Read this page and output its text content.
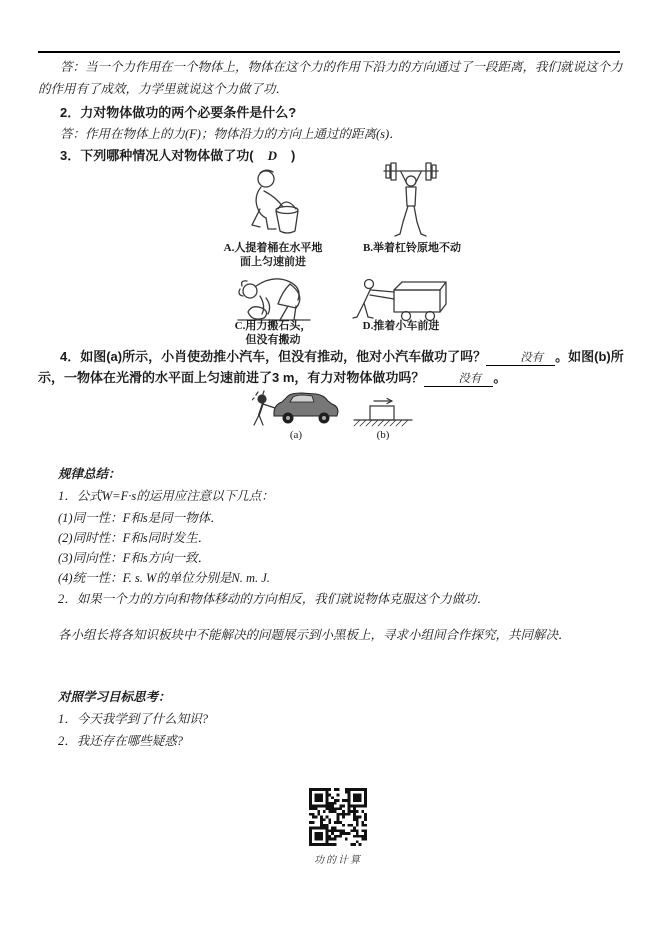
答：当一个力作用在一个物体上，物体在这个力的作用下沿力的方向通过了一段距离，我们就说这个力的作用有了成效，力学里就说这个力做了功．

2．力对物体做功的两个必要条件是什么?

答：作用在物体上的力(F)；物体沿力的方向上通过的距离(s)．

3．下列哪种情况人对物体做了功( D )

A.人提着桶在水平地
面上匀速前进
B.举着杠铃原地不动
C.用力搬石头，
但没有搬动
D.推着小车前进

4．如图(a)所示，小肖使劲推小汽车，但没有推动，他对小汽车做功了吗？	没有 。如图(b)所示，一物体在光滑的水平面上匀速前进了3 m，有力对物体做功吗？	没有 。

(a)	(b)
规律总结：
1．公式W=F·s的运用应注意以下几点：
(1)同一性：F和s是同一物体．
(2)同时性：F和s同时发生．
(3)同向性：F和s方向一致．
(4)统一性：F. s. W的单位分别是N. m. J.
2．如果一个力的方向和物体移动的方向相反，我们就说物体克服这个力做功．

各小组长将各知识板块中不能解决的问题展示到小黑板上，寻求小组间合作探究，共同解决．

对照学习目标思考：
1．今天我学到了什么知识?
2．我还存在哪些疑惑?
功的计算
